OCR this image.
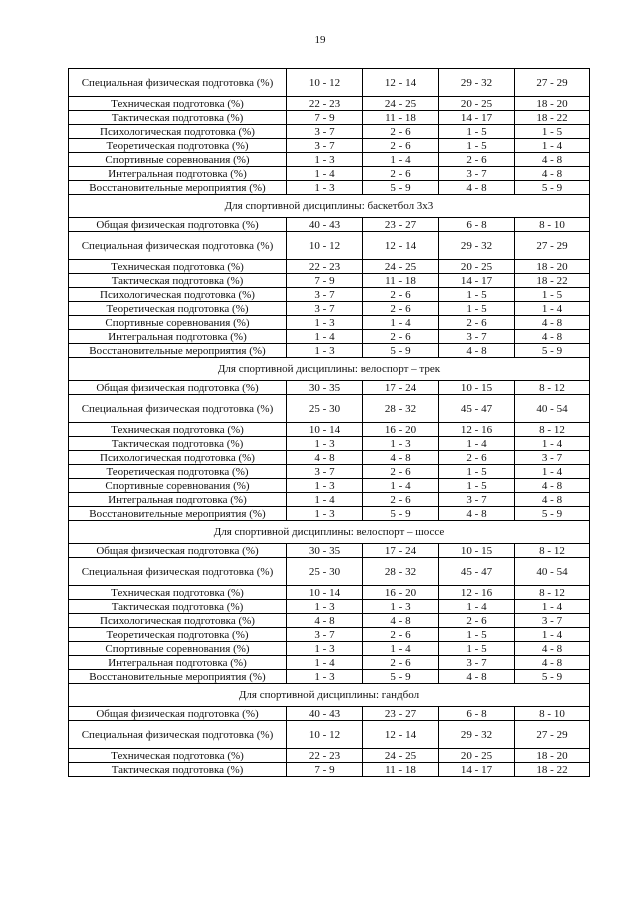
19
Специальная физическая подготовка (%)	10 - 12	12 - 14	29 - 32	27 - 29
Техническая подготовка (%)	22 - 23	24 - 25	20 - 25	18 - 20
Тактическая подготовка (%)	7 - 9	11 - 18	14 - 17	18 - 22
Психологическая подготовка (%)	3 - 7	2 - 6	1 - 5	1 - 5
Теоретическая подготовка (%)	3 - 7	2 - 6	1 - 5	1 - 4
Спортивные соревнования (%)	1 - 3	1 - 4	2 - 6	4 - 8
Интегральная подготовка (%)	1 - 4	2 - 6	3 - 7	4 - 8
Восстановительные мероприятия (%)	1 - 3	5 - 9	4 - 8	5 - 9
Для спортивной дисциплины: баскетбол 3x3				
Общая физическая подготовка (%)	40 - 43	23 - 27	6 - 8	8 - 10
Специальная физическая подготовка (%)	10 - 12	12 - 14	29 - 32	27 - 29
Техническая подготовка (%)	22 - 23	24 - 25	20 - 25	18 - 20
Тактическая подготовка (%)	7 - 9	11 - 18	14 - 17	18 - 22
Психологическая подготовка (%)	3 - 7	2 - 6	1 - 5	1 - 5
Теоретическая подготовка (%)	3 - 7	2 - 6	1 - 5	1 - 4
Спортивные соревнования (%)	1 - 3	1 - 4	2 - 6	4 - 8
Интегральная подготовка (%)	1 - 4	2 - 6	3 - 7	4 - 8
Восстановительные мероприятия (%)	1 - 3	5 - 9	4 - 8	5 - 9
Для спортивной дисциплины: велоспорт – трек				
Общая физическая подготовка (%)	30 - 35	17 - 24	10 - 15	8 - 12
Специальная физическая подготовка (%)	25 - 30	28 - 32	45 - 47	40 - 54
Техническая подготовка (%)	10 - 14	16 - 20	12 - 16	8 - 12
Тактическая подготовка (%)	1 - 3	1 - 3	1 - 4	1 - 4
Психологическая подготовка (%)	4 - 8	4 - 8	2 - 6	3 - 7
Теоретическая подготовка (%)	3 - 7	2 - 6	1 - 5	1 - 4
Спортивные соревнования (%)	1 - 3	1 - 4	1 - 5	4 - 8
Интегральная подготовка (%)	1 - 4	2 - 6	3 - 7	4 - 8
Восстановительные мероприятия (%)	1 - 3	5 - 9	4 - 8	5 - 9
Для спортивной дисциплины: велоспорт – шоссе				
Общая физическая подготовка (%)	30 - 35	17 - 24	10 - 15	8 - 12
Специальная физическая подготовка (%)	25 - 30	28 - 32	45 - 47	40 - 54
Техническая подготовка (%)	10 - 14	16 - 20	12 - 16	8 - 12
Тактическая подготовка (%)	1 - 3	1 - 3	1 - 4	1 - 4
Психологическая подготовка (%)	4 - 8	4 - 8	2 - 6	3 - 7
Теоретическая подготовка (%)	3 - 7	2 - 6	1 - 5	1 - 4
Спортивные соревнования (%)	1 - 3	1 - 4	1 - 5	4 - 8
Интегральная подготовка (%)	1 - 4	2 - 6	3 - 7	4 - 8
Восстановительные мероприятия (%)	1 - 3	5 - 9	4 - 8	5 - 9
Для спортивной дисциплины: гандбол				
Общая физическая подготовка (%)	40 - 43	23 - 27	6 - 8	8 - 10
Специальная физическая подготовка (%)	10 - 12	12 - 14	29 - 32	27 - 29
Техническая подготовка (%)	22 - 23	24 - 25	20 - 25	18 - 20
Тактическая подготовка (%)	7 - 9	11 - 18	14 - 17	18 - 22
